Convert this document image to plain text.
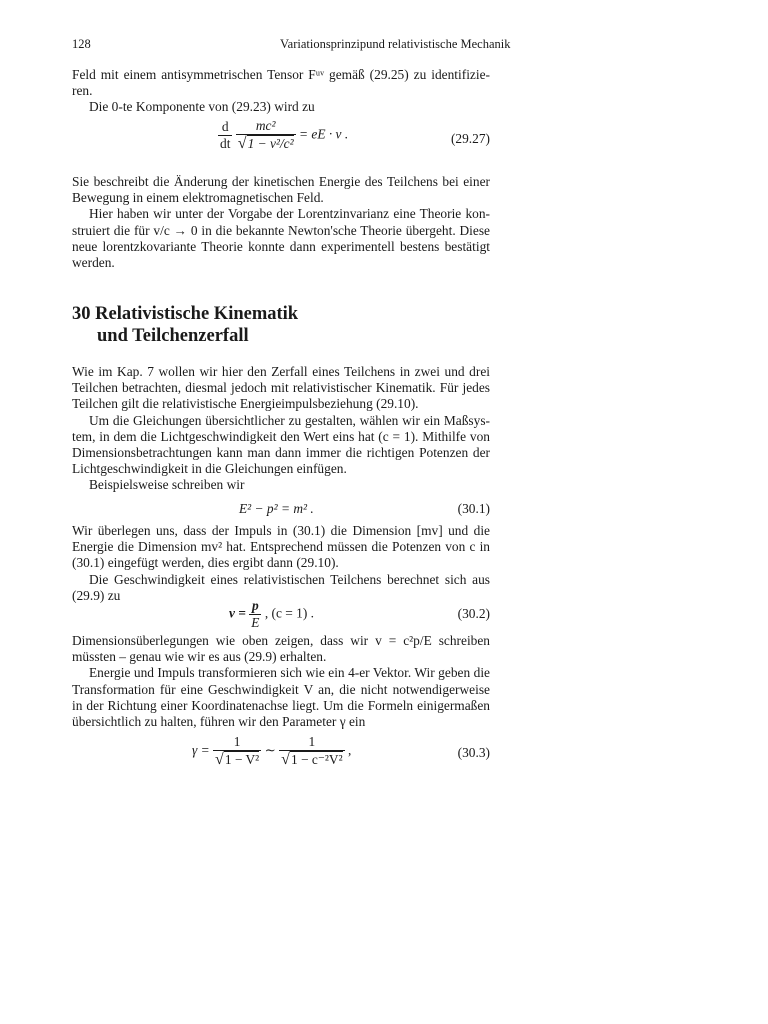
128	Variationsprinzipund relativistische Mechanik
Feld mit einem antisymmetrischen Tensor Fᵘᵛ gemäß (29.25) zu identifizie-
ren.
Die 0-te Komponente von (29.23) wird zu
$\frac{d}{dt}$
$\frac{\text{mc²}}{\text{√1 − v²/c²}}$ = eE · v .	(29.27)
Sie beschreibt die Änderung der kinetischen Energie des Teilchens bei einer
Bewegung in einem elektromagnetischen Feld.
Hier haben wir unter der Vorgabe der Lorentzinvarianz eine Theorie kon-
struiert die für v/c → 0 in die bekannte Newton'sche Theorie übergeht. Diese
neue lorentzkovariante Theorie konnte dann experimentell bestens bestätigt
werden.
30 Relativistische Kinematik
und Teilchenzerfall
Wie im Kap. 7 wollen wir hier den Zerfall eines Teilchens in zwei und drei
Teilchen betrachten, diesmal jedoch mit relativistischer Kinematik. Für jedes
Teilchen gilt die relativistische Energieimpulsbeziehung (29.10).
Um die Gleichungen übersichtlicher zu gestalten, wählen wir ein Maßsys-
tem, in dem die Lichtgeschwindigkeit den Wert eins hat (c = 1). Mithilfe von
Dimensionsbetrachtungen kann man dann immer die richtigen Potenzen der
Lichtgeschwindigkeit in die Gleichungen einfügen.
Beispielsweise schreiben wir
E² − p² = m² .	(30.1)
Wir überlegen uns, dass der Impuls in (30.1) die Dimension [mv] und die
Energie die Dimension mv² hat. Entsprechend müssen die Potenzen von c in
(30.1) eingefügt werden, dies ergibt dann (29.10).
Die Geschwindigkeit eines relativistischen Teilchens berechnet sich aus
(29.9) zu
$v = \frac{p}{E}$ , (c = 1) .	(30.2)
Dimensionsüberlegungen wie oben zeigen, dass wir v = c²p/E schreiben
müssten – genau wie wir es aus (29.9) erhalten.
Energie und Impuls transformieren sich wie ein 4-er Vektor. Wir geben die
Transformation für eine Geschwindigkeit V an, die nicht notwendigerweise
in der Richtung einer Koordinatenachse liegt. Um die Formeln einigermaßen
übersichtlich zu halten, führen wir den Parameter γ ein
$\gamma = \frac{1}{\text{√1 − V²}}$ ∼ $\frac{1}{\text{√1 − c⁻²V²}}$ ,	(30.3)
